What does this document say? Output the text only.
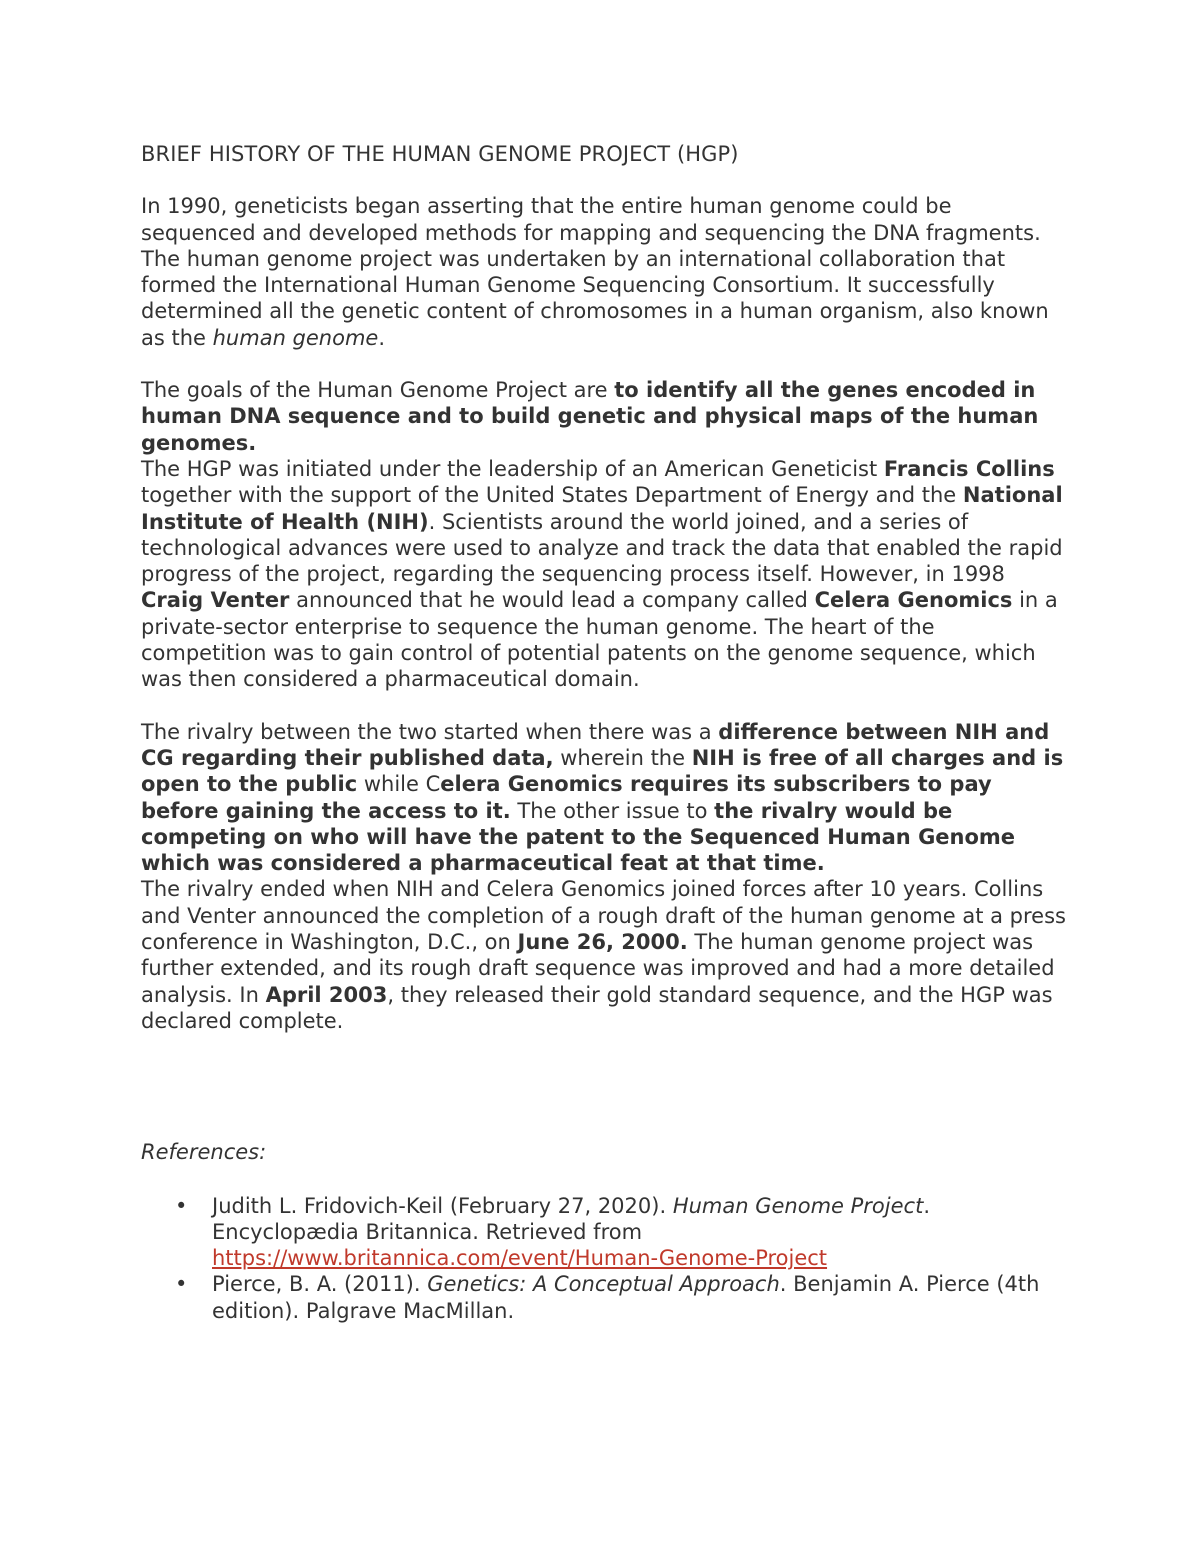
BRIEF HISTORY OF THE HUMAN GENOME PROJECT (HGP)

In 1990, geneticists began asserting that the entire human genome could be sequenced and developed methods for mapping and sequencing the DNA fragments. The human genome project was undertaken by an international collaboration that formed the International Human Genome Sequencing Consortium. It successfully determined all the genetic content of chromosomes in a human organism, also known as the human genome.

The goals of the Human Genome Project are to identify all the genes encoded in human DNA sequence and to build genetic and physical maps of the human genomes.

The HGP was initiated under the leadership of an American Geneticist Francis Collins together with the support of the United States Department of Energy and the National Institute of Health (NIH). Scientists around the world joined, and a series of technological advances were used to analyze and track the data that enabled the rapid progress of the project, regarding the sequencing process itself. However, in 1998 Craig Venter announced that he would lead a company called Celera Genomics in a private-sector enterprise to sequence the human genome. The heart of the competition was to gain control of potential patents on the genome sequence, which was then considered a pharmaceutical domain.

The rivalry between the two started when there was a difference between NIH and CG regarding their published data, wherein the NIH is free of all charges and is open to the public while Celera Genomics requires its subscribers to pay before gaining the access to it. The other issue to the rivalry would be competing on who will have the patent to the Sequenced Human Genome which was considered a pharmaceutical feat at that time.

The rivalry ended when NIH and Celera Genomics joined forces after 10 years. Collins and Venter announced the completion of a rough draft of the human genome at a press conference in Washington, D.C., on June 26, 2000. The human genome project was further extended, and its rough draft sequence was improved and had a more detailed analysis. In April 2003, they released their gold standard sequence, and the HGP was declared complete.

References:

• Judith L. Fridovich-Keil (February 27, 2020). Human Genome Project. Encyclopædia Britannica. Retrieved from https://www.britannica.com/event/Human-Genome-Project
• Pierce, B. A. (2011). Genetics: A Conceptual Approach. Benjamin A. Pierce (4th edition). Palgrave MacMillan.
